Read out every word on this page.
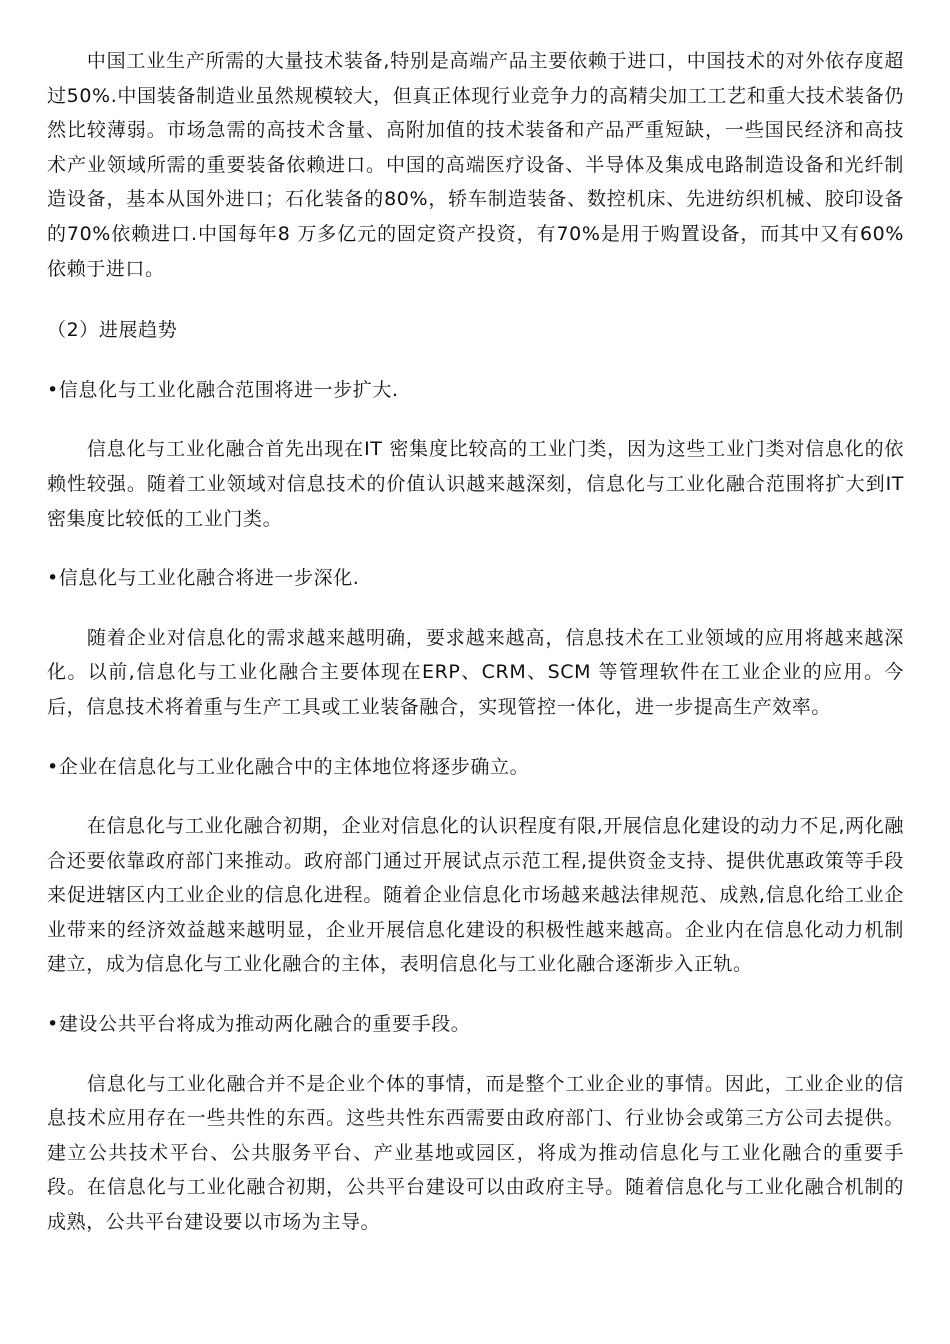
中国工业生产所需的大量技术装备,特别是高端产品主要依赖于进口，中国技术的对外依存度超过50%.中国装备制造业虽然规模较大，但真正体现行业竞争力的高精尖加工工艺和重大技术装备仍然比较薄弱。市场急需的高技术含量、高附加值的技术装备和产品严重短缺，一些国民经济和高技术产业领域所需的重要装备依赖进口。中国的高端医疗设备、半导体及集成电路制造设备和光纤制造设备，基本从国外进口；石化装备的80%，轿车制造装备、数控机床、先进纺织机械、胶印设备的70%依赖进口.中国每年8 万多亿元的固定资产投资，有70%是用于购置设备，而其中又有60%依赖于进口。

（2）进展趋势

•信息化与工业化融合范围将进一步扩大.

信息化与工业化融合首先出现在IT 密集度比较高的工业门类，因为这些工业门类对信息化的依赖性较强。随着工业领域对信息技术的价值认识越来越深刻，信息化与工业化融合范围将扩大到IT 密集度比较低的工业门类。

•信息化与工业化融合将进一步深化.

随着企业对信息化的需求越来越明确，要求越来越高，信息技术在工业领域的应用将越来越深化。以前,信息化与工业化融合主要体现在ERP、CRM、SCM 等管理软件在工业企业的应用。今后，信息技术将着重与生产工具或工业装备融合，实现管控一体化，进一步提高生产效率。

•企业在信息化与工业化融合中的主体地位将逐步确立。

在信息化与工业化融合初期，企业对信息化的认识程度有限,开展信息化建设的动力不足,两化融合还要依靠政府部门来推动。政府部门通过开展试点示范工程,提供资金支持、提供优惠政策等手段来促进辖区内工业企业的信息化进程。随着企业信息化市场越来越法律规范、成熟,信息化给工业企业带来的经济效益越来越明显，企业开展信息化建设的积极性越来越高。企业内在信息化动力机制建立，成为信息化与工业化融合的主体，表明信息化与工业化融合逐渐步入正轨。

•建设公共平台将成为推动两化融合的重要手段。

信息化与工业化融合并不是企业个体的事情，而是整个工业企业的事情。因此，工业企业的信息技术应用存在一些共性的东西。这些共性东西需要由政府部门、行业协会或第三方公司去提供。建立公共技术平台、公共服务平台、产业基地或园区，将成为推动信息化与工业化融合的重要手段。在信息化与工业化融合初期，公共平台建设可以由政府主导。随着信息化与工业化融合机制的成熟，公共平台建设要以市场为主导。
